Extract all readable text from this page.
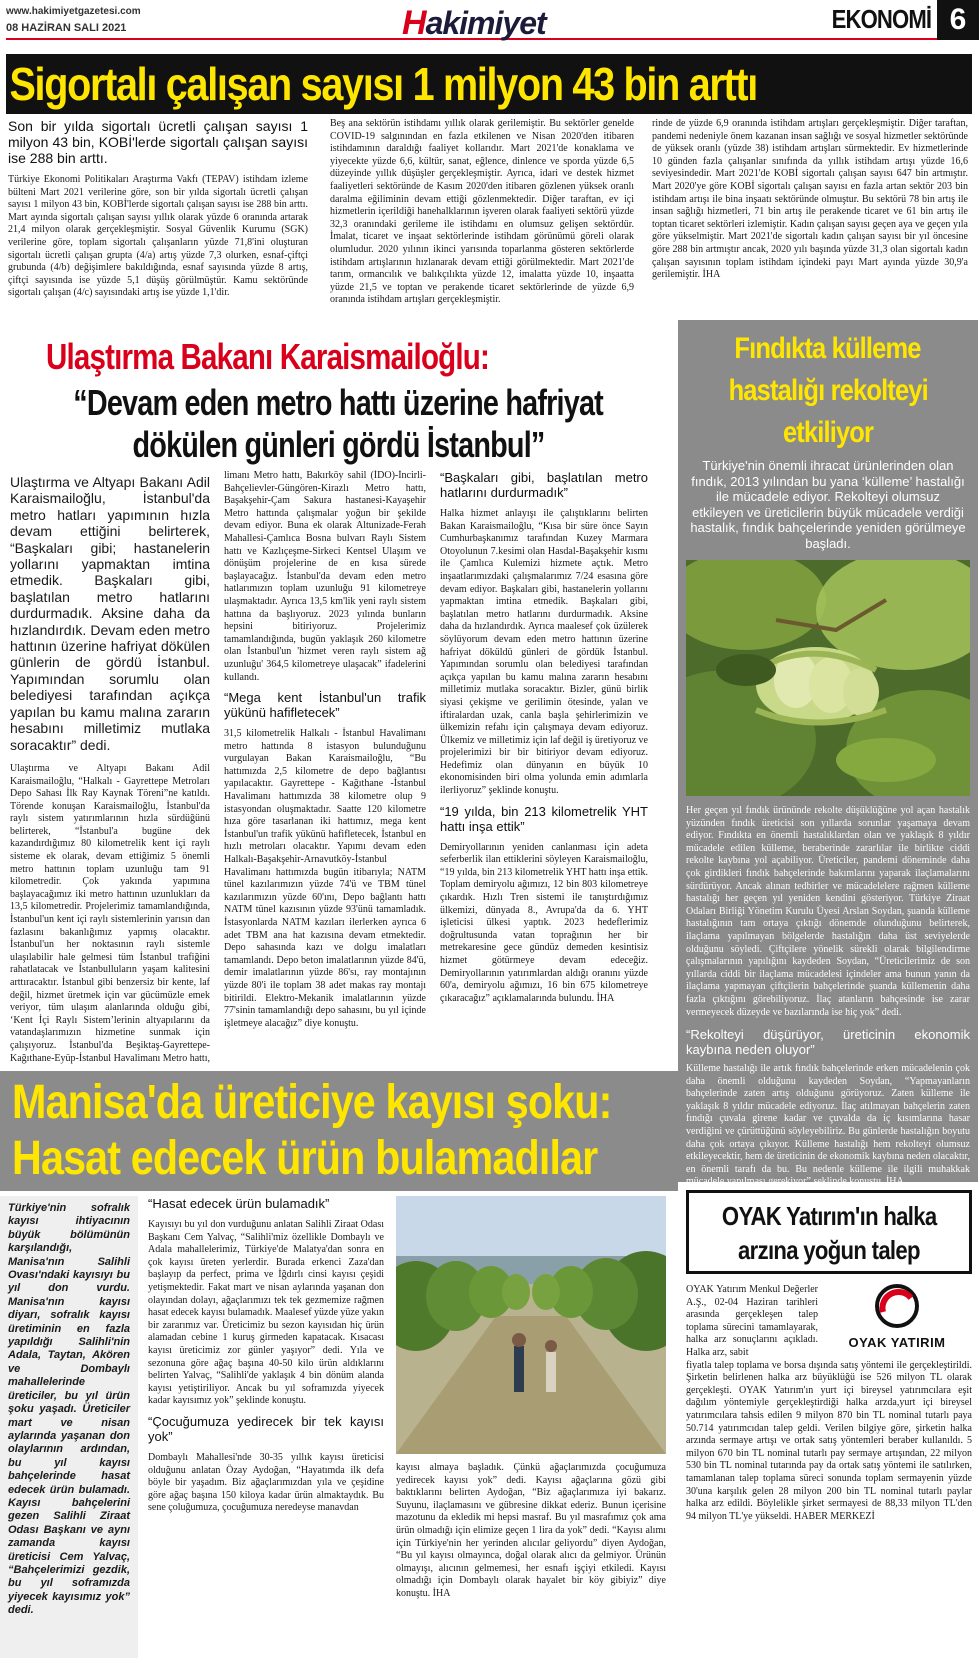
www.hakimiyetgazetesi.com
08 HAZİRAN SALI 2021	H akimiyet	EKONOMİ 6
Sigortalı çalışan sayısı 1 milyon 43 bin arttı

Son bir yılda sigortalı ücretli çalışan sayısı 1 milyon 43 bin, KOBİ'lerde sigortalı çalışan sayısı ise 288 bin arttı.

Türkiye Ekonomi Politikaları Araştırma Vakfı (TEPAV) istihdam izleme bülteni Mart 2021 verilerine göre, son bir yılda sigortalı ücretli çalışan sayısı 1 milyon 43 bin, KOBİ'lerde sigortalı çalışan sayısı ise 288 bin arttı. Mart ayında sigortalı çalışan sayısı yıllık olarak yüzde 6 oranında artarak 21,4 milyon olarak gerçekleşmiştir. Sosyal Güvenlik Kurumu (SGK) verilerine göre, toplam sigortalı çalışanların yüzde 71,8'ini oluşturan sigortalı ücretli çalışan grupta (4/a) artış yüzde 7,3 olurken, esnaf-çiftçi grubunda (4/b) değişimlere bakıldığında, esnaf sayısında yüzde 8 artış, çiftçi sayısında ise yüzde 5,1 düşüş görülmüştür. Kamu sektöründe sigortalı çalışan (4/c) sayısındaki artış ise yüzde 1,1'dir.

Beş ana sektörün istihdamı yıllık olarak gerilemiştir. Bu sektörler genelde COVID-19 salgınından en fazla etkilenen ve Nisan 2020'den itibaren istihdamının daraldığı faaliyet kollarıdır. Mart 2021'de konaklama ve yiyecekte yüzde 6,6, kültür, sanat, eğlence, dinlence ve sporda yüzde 6,5 düzeyinde yıllık düşüşler gerçekleşmiştir. Ayrıca, idari ve destek hizmet faaliyetleri sektöründe de Kasım 2020'den itibaren gözlenen yüksek oranlı daralma eğiliminin devam ettiği gözlenmektedir. Diğer taraftan, ev içi hizmetlerin içerildiği hanehalklarının işveren olarak faaliyeti sektörü yüzde 32,3 oranındaki gerileme ile istihdamı en olumsuz gelişen sektördür. İmalat, ticaret ve inşaat sektörlerinde istihdam görünümü göreli olarak olumludur. 2020 yılının ikinci yarısında toparlanma gösteren sektörlerde istihdam artışlarının hızlanarak devam ettiği görülmektedir. Mart 2021'de tarım, ormancılık ve balıkçılıkta yüzde 12, imalatta yüzde 10, inşaatta yüzde 21,5 ve toptan ve perakende ticaret sektörlerinde de yüzde 6,9 oranında istihdam artışları gerçekleşmiştir.

rinde de yüzde 6,9 oranında istihdam artışları gerçekleşmiştir. Diğer taraftan, pandemi nedeniyle önem kazanan insan sağlığı ve sosyal hizmetler sektöründe de yüksek oranlı (yüzde 38) istihdam artışları sürmektedir. Ev hizmetlerinde 10 günden fazla çalışanlar sınıfında da yıllık istihdam artışı yüzde 16,6 seviyesindedir. Mart 2021'de KOBİ sigortalı çalışan sayısı 647 bin artmıştır. Mart 2020'ye göre KOBİ sigortalı çalışan sayısı en fazla artan sektör 203 bin istihdam artışı ile bina inşaatı sektöründe olmuştur. Bu sektörü 78 bin artış ile insan sağlığı hizmetleri, 71 bin artış ile perakende ticaret ve 61 bin artış ile toptan ticaret sektörleri izlemiştir. Kadın çalışan sayısı geçen aya ve geçen yıla göre yükselmiştir. Mart 2021'de sigortalı kadın çalışan sayısı bir yıl öncesine göre 288 bin artmıştır ancak, 2020 yılı başında yüzde 31,3 olan sigortalı kadın çalışan sayısının toplam istihdam içindeki payı Mart ayında yüzde 30,9'a gerilemiştir. İHA

Ulaştırma Bakanı Karaismailoğlu:
“Devam eden metro hattı üzerine hafriyat
dökülen günleri gördü İstanbul”

Ulaştırma ve Altyapı Bakanı Adil Karaismailoğlu, İstanbul'da metro hatları yapımının hızla devam ettiğini belirterek, “Başkaları gibi; hastanelerin yollarını yapmaktan imtina etmedik. Başkaları gibi, başlatılan metro hatlarını durdurmadık. Aksine daha da hızlandırdık. Devam eden metro hattının üzerine hafriyat dökülen günlerin de gördü İstanbul. Yapımından sorumlu olan belediyesi tarafından açıkça yapılan bu kamu malına zararın hesabını milletimiz mutlaka soracaktır” dedi.

Ulaştırma ve Altyapı Bakanı Adil Karaismailoğlu, “Halkalı - Gayrettepe Metroları Depo Sahası İlk Ray Kaynak Töreni”ne katıldı. Törende konuşan Karaismailoğlu, İstanbul'da raylı sistem yatırımlarının hızla sürdüğünü belirterek, “İstanbul'a bugüne dek kazandırdığımız 80 kilometrelik kent içi raylı sisteme ek olarak, devam ettiğimiz 5 önemli metro hattının toplam uzunluğu tam 91 kilometredir. Çok yakında yapımına başlayacağımız iki metro hattının uzunlukları da 13,5 kilometredir. Projelerimiz tamamlandığında, İstanbul'un kent içi raylı sistemlerinin yarısın dan fazlasını bakanlığımız yapmış olacaktır. İstanbul'un her noktasının raylı sistemle ulaşılabilir hale gelmesi tüm İstanbul trafiğini rahatlatacak ve İstanbulluların yaşam kalitesini arttıracaktır. İstanbul gibi benzersiz bir kente, laf değil, hizmet üretmek için var gücümüzle emek veriyor, tüm ulaşım alanlarında olduğu gibi, ‘Kent İçi Raylı Sistem’lerinin altyapılarını da vatandaşlarımızın hizmetine sunmak için çalışıyoruz. İstanbul'da Beşiktaş-Gayrettepe-Kağıthane-Eyüp-İstanbul Havalimanı Metro hattı,

limanı Metro hattı, Bakırköy sahil (İDO)-İncirli-Bahçelievler-Güngören-Kirazlı Metro hattı, Başakşehir-Çam Sakura hastanesi-Kayaşehir Metro hattında çalışmalar yoğun bir şekilde devam ediyor. Buna ek olarak Altunizade-Ferah Mahallesi-Çamlıca Bosna bulvarı Raylı Sistem hattı ve Kazlıçeşme-Sirkeci Kentsel Ulaşım ve dönüşüm projelerine de en kısa sürede başlayacağız. İstanbul'da devam eden metro hatlarımızın toplam uzunluğu 91 kilometreye ulaşmaktadır. Ayrıca 13,5 km'lik yeni raylı sistem hattına da başlıyoruz. 2023 yılında bunların hepsini bitiriyoruz. Projelerimiz tamamlandığında, bugün yaklaşık 260 kilometre olan İstanbul'un 'hizmet veren raylı sistem ağ uzunluğu' 364,5 kilometreye ulaşacak” ifadelerini kullandı.

“Mega kent İstanbul'un trafik yükünü hafifletecek”

31,5 kilometrelik Halkalı - İstanbul Havalimanı metro hattında 8 istasyon bulunduğunu vurgulayan Bakan Karaismailoğlu, “Bu hattımızda 2,5 kilometre de depo bağlantısı yapılacaktır. Gayrettepe - Kağıthane -İstanbul Havalimanı hattımızda 38 kilometre olup 9 istasyondan oluşmaktadır. Saatte 120 kilometre hıza göre tasarlanan iki hattımız, mega kent İstanbul'un trafik yükünü hafifletecek, İstanbul en hızlı metroları olacaktır. Yapımı devam eden Halkalı-Başakşehir-Arnavutköy-İstanbul Havalimanı hattımızda bugün itibarıyla; NATM tünel kazılarımızın yüzde 74'ü ve TBM tünel kazılarımızın yüzde 60'ını, Depo bağlantı hattı NATM tünel kazısının yüzde 93'ünü tamamladık. İstasyonlarda NATM kazıları ilerlerken ayrıca 6 adet TBM ana hat kazısına devam etmektedir. Depo sahasında kazı ve dolgu imalatları tamamlandı. Depo beton imalatlarının yüzde 84'ü, demir imalatlarının yüzde 86'sı, ray montajının yüzde 80'i ile toplam 38 adet makas ray montajı bitirildi. Elektro-Mekanik imalatlarının yüzde 77'sinin tamamlandığı depo sahasını, bu yıl içinde işletmeye alacağız” diye konuştu.

“Başkaları gibi, başlatılan metro hatlarını durdurmadık”

Halka hizmet anlayışı ile çalıştıklarını belirten Bakan Karaismailoğlu, “Kısa bir süre önce Sayın Cumhurbaşkanımız tarafından Kuzey Marmara Otoyolunun 7.kesimi olan Hasdal-Başakşehir kısmı ile Çamlıca Kulemizi hizmete açtık. Metro inşaatlarımızdaki çalışmalarımız 7/24 esasına göre devam ediyor. Başkaları gibi, hastanelerin yollarını yapmaktan imtina etmedik. Başkaları gibi, başlatılan metro hatlarını durdurmadık. Aksine daha da hızlandırdık. Ayrıca maalesef çok üzülerek söylüyorum devam eden metro hattının üzerine hafriyat döküldü günleri de gördük İstanbul. Yapımından sorumlu olan belediyesi tarafından açıkça yapılan bu kamu malına zararın hesabını milletimiz mutlaka soracaktır. Bizler, günü birlik siyasi çekişme ve gerilimin ötesinde, yalan ve iftiralardan uzak, canla başla şehirlerimizin ve ülkemizin refahı için çalışmaya devam ediyoruz. Ülkemiz ve milletimiz için laf değil iş üretiyoruz ve projelerimizi bir bir bitiriyor devam ediyoruz. Hedefimiz olan dünyanın en büyük 10 ekonomisinden biri olma yolunda emin adımlarla ilerliyoruz” şeklinde konuştu.

“19 yılda, bin 213 kilometrelik YHT hattı inşa ettik”

Demiryollarının yeniden canlanması için adeta seferberlik ilan ettiklerini söyleyen Karaismailoğlu, “19 yılda, bin 213 kilometrelik YHT hattı inşa ettik. Toplam demiryolu ağımızı, 12 bin 803 kilometreye çıkardık. Hızlı Tren sistemi ile tanıştırdığımız ülkemizi, dünyada 8., Avrupa'da da 6. YHT işleticisi ülkesi yaptık. 2023 hedeflerimiz doğrultusunda vatan toprağının her bir metrekaresine gece gündüz demeden kesintisiz hizmet götürmeye devam edeceğiz. Demiryollarının yatırımlardan aldığı oranını yüzde 60'a, demiryolu ağımızı, 16 bin 675 kilometreye çıkaracağız” açıklamalarında bulundu. İHA

Fındıkta külleme
hastalığı rekolteyi
etkiliyor
Türkiye'nin önemli ihracat ürünlerinden olan fındık, 2013 yılından bu yana ‘külleme’ hastalığı ile mücadele ediyor. Rekolteyi olumsuz etkileyen ve üreticilerin büyük mücadele verdiği hastalık, fındık bahçelerinde yeniden görülmeye başladı.

Her geçen yıl fındık ürününde rekolte düşüklüğüne yol açan hastalık yüzünden fındık üreticisi son yıllarda sorunlar yaşamaya devam ediyor. Fındıkta en önemli hastalıklardan olan ve yaklaşık 8 yıldır mücadele edilen külleme, beraberinde zararlılar ile birlikte ciddi rekolte kaybına yol açabiliyor. Üreticiler, pandemi döneminde daha çok girdikleri fındık bahçelerinde bakımlarını yaparak ilaçlamalarını sürdürüyor. Ancak alınan tedbirler ve mücadelelere rağmen külleme hastalığı her geçen yıl yeniden kendini gösteriyor. Türkiye Ziraat Odaları Birliği Yönetim Kurulu Üyesi Arslan Soydan, şuanda külleme hastalığının tam ortaya çıktığı dönemde olunduğunu belirterek, ilaçlama yapılmayan bölgelerde hastalığın daha üst seviyelerde olduğunu söyledi. Çiftçilere yönelik sürekli olarak bilgilendirme çalışmalarının yapılığını kaydeden Soydan, “Üreticilerimiz de son yıllarda ciddi bir ilaçlama mücadelesi içindeler ama bunun yanın da ilaçlama yapmayan çiftçilerin bahçelerinde şuanda küllemenin daha fazla çıktığını görebiliyoruz. İlaç atanların bahçesinde ise zarar vermeyecek düzeyde ve bazılarında ise hiç yok” dedi.

“Rekolteyi düşürüyor, üreticinin ekonomik kaybına neden oluyor”

Külleme hastalığı ile artık fındık bahçelerinde erken mücadelenin çok daha önemli olduğunu kaydeden Soydan, “Yapmayanların bahçelerinde zaten artış olduğunu görüyoruz. Zaten külleme ile yaklaşık 8 yıldır mücadele ediyoruz. İlaç atılmayan bahçelerin zaten fındığı çuvala girene kadar ve çuvalda da iç kısımlarına hasar verdiğini ve çürüttüğünü söyleyebiliriz. Bu günlerde hastalığın boyutu daha çok ortaya çıkıyor. Külleme hastalığı hem rekolteyi olumsuz etkileyecektir, hem de üreticinin de ekonomik kaybına neden olacaktır, en önemli tarafı da bu. Bu nedenle külleme ile ilgili muhakkak mücadele yapılması gerekiyor” şeklinde konuştu. İHA

Manisa'da üreticiye kayısı şoku:
Hasat edecek ürün bulamadılar
Türkiye'nin sofralık kayısı ihtiyacının büyük bölümünün karşılandığı, Manisa'nın Salihli Ovası'ndaki kayısıyı bu yıl don vurdu. Manisa'nın kayısı diyarı, sofralık kayısı üretiminin en fazla yapıldığı Salihli'nin Adala, Taytan, Akören ve Dombaylı mahallelerinde üreticiler, bu yıl ürün şoku yaşadı. Üreticiler mart ve nisan aylarında yaşanan don olaylarının ardından, bu yıl kayısı bahçelerinde hasat edecek ürün bulamadı. Kayısı bahçelerini gezen Salihli Ziraat Odası Başkanı ve aynı zamanda kayısı üreticisi Cem Yalvaç, “Bahçelerimizi gezdik, bu yıl soframızda yiyecek kayısımız yok” dedi.

“Hasat edecek ürün bulamadık”

Kayısıyı bu yıl don vurduğunu anlatan Salihli Ziraat Odası Başkanı Cem Yalvaç, “Salihli'miz özellikle Dombaylı ve Adala mahallelerimiz, Türkiye'de Malatya'dan sonra en çok kayısı üreten yerlerdir. Burada erkenci Zaza'dan başlayıp da perfect, prima ve İğdırlı cinsi kayısı çeşidi yetişmektedir. Fakat mart ve nisan aylarında yaşanan don olayından dolayı, ağaçlarımızı tek tek gezmemize rağmen hasat edecek kayısı bulamadık. Maalesef yüzde yüze yakın bir zararımız var. Üreticimiz bu sezon kayısıdan hiç ürün alamadan cebine 1 kuruş girmeden kapatacak. Kısacası kayısı üreticimiz zor günler yaşıyor” dedi. Yıla ve sezonuna göre ağaç başına 40-50 kilo ürün aldıklarını belirten Yalvaç, “Salihli'de yaklaşık 4 bin dönüm alanda kayısı yetiştiriliyor. Ancak bu yıl soframızda yiyecek kadar kayısımız yok” şeklinde konuştu.

“Çocuğumuza yedirecek bir tek kayısı yok”

Dombaylı Mahallesi'nde 30-35 yıllık kayısı üreticisi olduğunu anlatan Özay Aydoğan, “Hayatımda ilk defa böyle bir yaşadım. Biz ağaçlarımızdan yıla ve çeşidine göre ağaç başına 150 kiloya kadar ürün almaktaydık. Bu sene çoluğumuza, çocuğumuza neredeyse manavdan

kayısı almaya başladık. Çünkü ağaçlarımızda çocuğumuza yedirecek kayısı yok” dedi. Kayısı ağaçlarına gözü gibi baktıklarını belirten Aydoğan, “Biz ağaçlarımıza iyi bakarız. Suyunu, ilaçlamasını ve gübresine dikkat ederiz. Bunun içerisine mazotunu da ekledik mi hepsi masraf. Bu yıl masrafımız çok ama ürün olmadığı için elimize geçen 1 lira da yok” dedi. “Kayısı alımı için Türkiye'nin her yerinden alıcılar geliyordu” diyen Aydoğan, “Bu yıl kayısı olmayınca, doğal olarak alıcı da gelmiyor. Ürünün olmayışı, alıcının gelmemesi, her esnafı işçiyi etkiledi. Kayısı olmadığı için Dombaylı olarak hayalet bir köy gibiyiz” diye konuştu. İHA

OYAK Yatırım'ın halka
arzına yoğun talep
OYAK YATIRIM

OYAK Yatırım Menkul Değerler A.Ş., 02-04 Haziran tarihleri arasında gerçekleşen talep toplama sürecini tamamlayarak, halka arz sonuçlarını açıkladı. Halka arz, sabit

fiyatla talep toplama ve borsa dışında satış yöntemi ile gerçekleştirildi. Şirketin belirlenen halka arz büyüklüğü ise 526 milyon TL olarak gerçekleşti. OYAK Yatırım'ın yurt içi bireysel yatırımcılara eşit dağılım yöntemiyle gerçekleştirdiği halka arzda,yurt içi bireysel yatırımcılara tahsis edilen 9 milyon 870 bin TL nominal tutarlı paya 50.714 yatırımcıdan talep geldi. Verilen bilgiye göre, şirketin halka arzında sermaye artışı ve ortak satış yöntemleri beraber kullanıldı. 5 milyon 670 bin TL nominal tutarlı pay sermaye artışından, 22 milyon 530 bin TL nominal tutarında pay da ortak satış yöntemi ile satılırken, tamamlanan talep toplama süreci sonunda toplam sermayenin yüzde 30'una karşılık gelen 28 milyon 200 bin TL nominal tutarlı paylar halka arz edildi. Böylelikle şirket sermayesi de 88,33 milyon TL'den 94 milyon TL'ye yükseldi. HABER MERKEZİ
